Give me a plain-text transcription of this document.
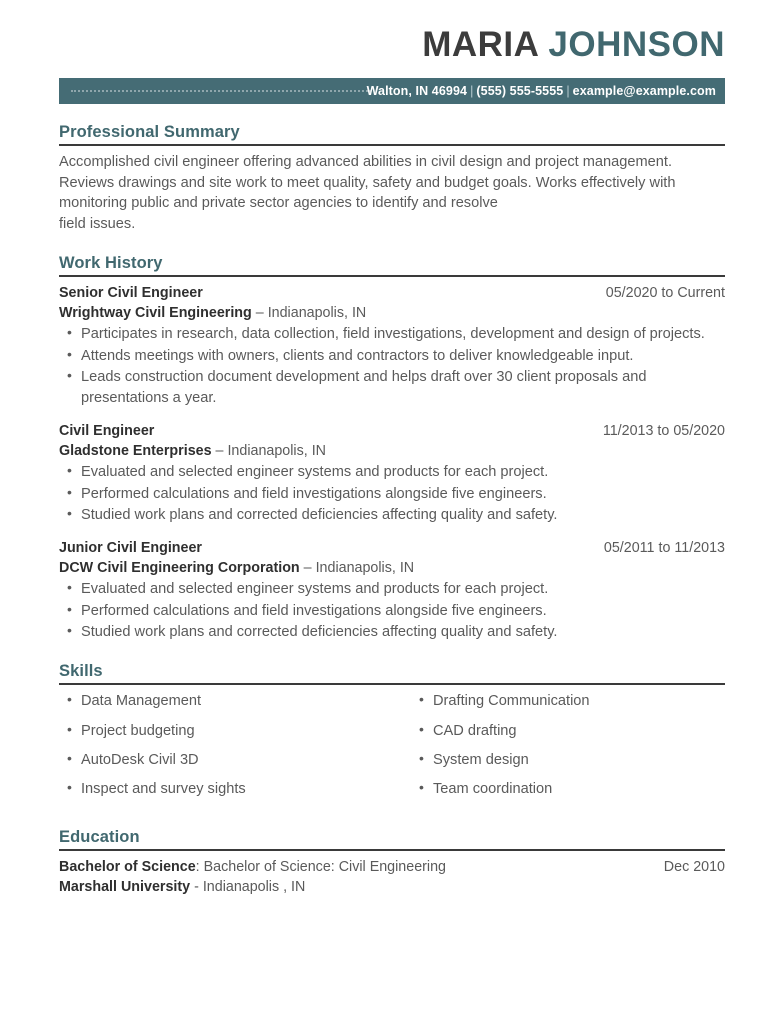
MARIA JOHNSON
Walton, IN 46994 | (555) 555-5555 | example@example.com
Professional Summary
Accomplished civil engineer offering advanced abilities in civil design and project management. Reviews drawings and site work to meet quality, safety and budget goals. Works effectively with monitoring public and private sector agencies to identify and resolve
field issues.
Work History
Senior Civil Engineer	05/2020 to Current
Wrightway Civil Engineering – Indianapolis, IN
• Participates in research, data collection, field investigations, development and design of projects.
• Attends meetings with owners, clients and contractors to deliver knowledgeable input.
• Leads construction document development and helps draft over 30 client proposals and presentations a year.
Civil Engineer	11/2013 to 05/2020
Gladstone Enterprises – Indianapolis, IN
• Evaluated and selected engineer systems and products for each project.
• Performed calculations and field investigations alongside five engineers.
• Studied work plans and corrected deficiencies affecting quality and safety.
Junior Civil Engineer	05/2011 to 11/2013
DCW Civil Engineering Corporation – Indianapolis, IN
• Evaluated and selected engineer systems and products for each project.
• Performed calculations and field investigations alongside five engineers.
• Studied work plans and corrected deficiencies affecting quality and safety.
Skills
• Data Management
• Project budgeting
• AutoDesk Civil 3D
• Inspect and survey sights
• Drafting Communication
• CAD drafting
• System design
• Team coordination
Education
Bachelor of Science: Bachelor of Science: Civil Engineering	Dec 2010
Marshall University - Indianapolis , IN
